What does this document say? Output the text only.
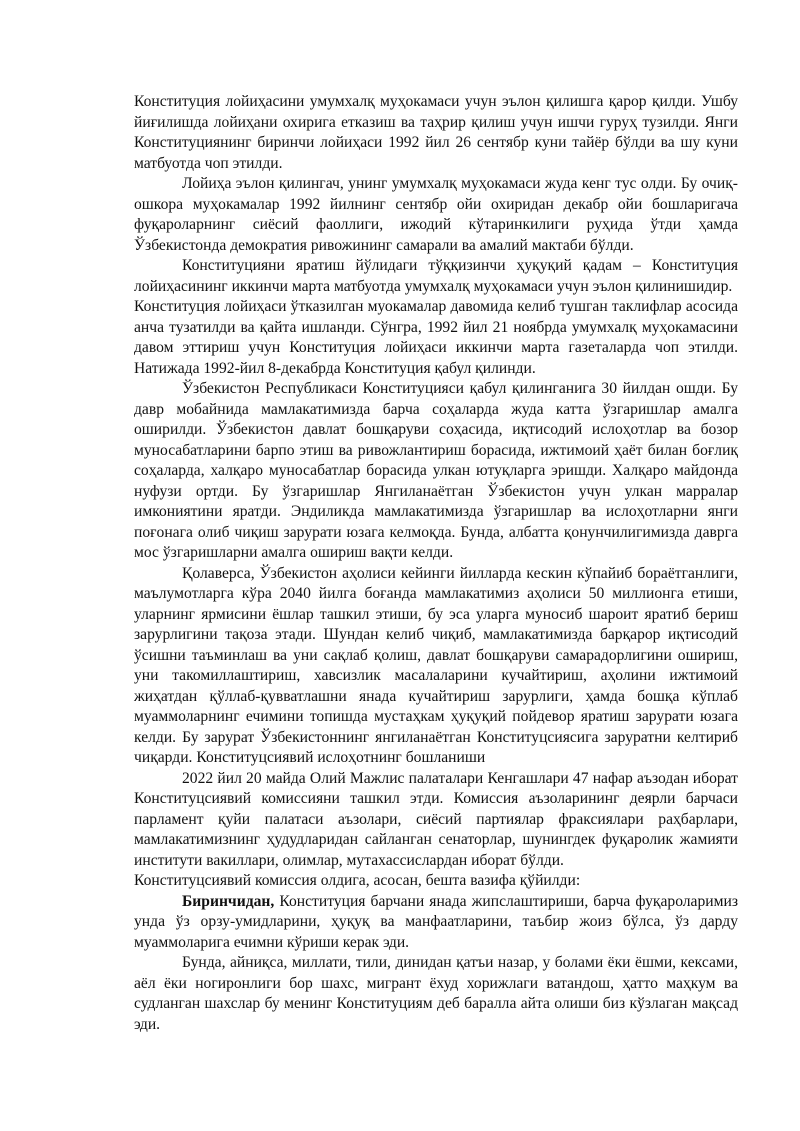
Конституция лойиҳасини умумхалқ муҳокамаси учун эълон қилишга қарор қилди. Ушбу йиғилишда лойиҳани охирига етказиш ва таҳрир қилиш учун ишчи гуруҳ тузилди. Янги Конституциянинг биринчи лойиҳаси 1992 йил 26 сентябр куни тайёр бўлди ва шу куни матбуотда чоп этилди.

Лойиҳа эълон қилингач, унинг умумхалқ муҳокамаси жуда кенг тус олди. Бу очиқ-ошкора муҳокамалар 1992 йилнинг сентябр ойи охиридан декабр ойи бошларигача фуқароларнинг сиёсий фаоллиги, ижодий кўтаринкилиги руҳида ўтди ҳамда Ўзбекистонда демократия ривожининг самарали ва амалий мактаби бўлди.

Конституцияни яратиш йўлидаги тўққизинчи ҳуқуқий қадам – Конституция лойиҳасининг иккинчи марта матбуотда умумхалқ муҳокамаси учун эълон қилинишидир.

Конституция лойиҳаси ўтказилган муокамалар давомида келиб тушган таклифлар асосида анча тузатилди ва қайта ишланди. Сўнгра, 1992 йил 21 ноябрда умумхалқ муҳокамасини давом эттириш учун Конституция лойиҳаси иккинчи марта газеталарда чоп этилди. Натижада 1992-йил 8-декабрда Конституция қабул қилинди.

Ўзбекистон Республикаси Конституцияси қабул қилинганига 30 йилдан ошди. Бу давр мобайнида мамлакатимизда барча соҳаларда жуда катта ўзгаришлар амалга оширилди. Ўзбекистон давлат бошқаруви соҳасида, иқтисодий ислоҳотлар ва бозор муносабатларини барпо этиш ва ривожлантириш борасида, ижтимоий ҳаёт билан боғлиқ соҳаларда, халқаро муносабатлар борасида улкан ютуқларга эришди. Халқаро майдонда нуфузи ортди. Бу ўзгаришлар Янгиланаётган Ўзбекистон учун улкан марралар имкониятини яратди. Эндиликда мамлакатимизда ўзгаришлар ва ислоҳотларни янги поғонага олиб чиқиш зарурати юзага келмоқда. Бунда, албатта қонунчилигимизда даврга мос ўзгаришларни амалга ошириш вақти келди.

Қолаверса, Ўзбекистон аҳолиси кейинги йилларда кескин кўпайиб бораётганлиги, маълумотларга кўра 2040 йилга боғанда мамлакатимиз аҳолиси 50 миллионга етиши, уларнинг ярмисини ёшлар ташкил этиши, бу эса уларга муносиб шароит яратиб бериш зарурлигини тақоза этади. Шундан келиб чиқиб, мамлакатимизда барқарор иқтисодий ўсишни таъминлаш ва уни сақлаб қолиш, давлат бошқаруви самарадорлигини ошириш, уни такомиллаштириш, хавсизлик масалаларини кучайтириш, аҳолини ижтимоий жиҳатдан қўллаб-қувватлашни янада кучайтириш зарурлиги, ҳамда бошқа кўплаб муаммоларнинг ечимини топишда мустаҳкам ҳуқуқий пойдевор яратиш зарурати юзага келди. Бу зарурат Ўзбекистоннинг янгиланаётган Конституцсиясига заруратни келтириб чиқарди. Конституцсиявий ислоҳотнинг бошланиши

2022 йил 20 майда Олий Мажлис палаталари Кенгашлари 47 нафар аъзодан иборат Конституцсиявий комиссияни ташкил этди. Комиссия аъзоларининг деярли барчаси парламент қуйи палатаси аъзолари, сиёсий партиялар фраксиялари раҳбарлари, мамлакатимизнинг ҳудудларидан сайланган сенаторлар, шунингдек фуқаролик жамияти институти вакиллари, олимлар, мутахассислардан иборат бўлди.

Конституцсиявий комиссия олдига, асосан, бешта вазифа қўйилди:

Биринчидан, Конституция барчани янада жипслаштириши, барча фуқароларимиз унда ўз орзу-умидларини, ҳуқуқ ва манфаатларини, таъбир жоиз бўлса, ўз дарду муаммоларига ечимни кўриши керак эди.

Бунда, айниқса, миллати, тили, динидан қатъи назар, у болами ёки ёшми, кексами, аёл ёки ногиронлиги бор шахс, мигрант ёхуд хорижлаги ватандош, ҳатто маҳкум ва судланган шахслар бу менинг Конституциям деб баралла айта олиши биз кўзлаган мақсад эди.
